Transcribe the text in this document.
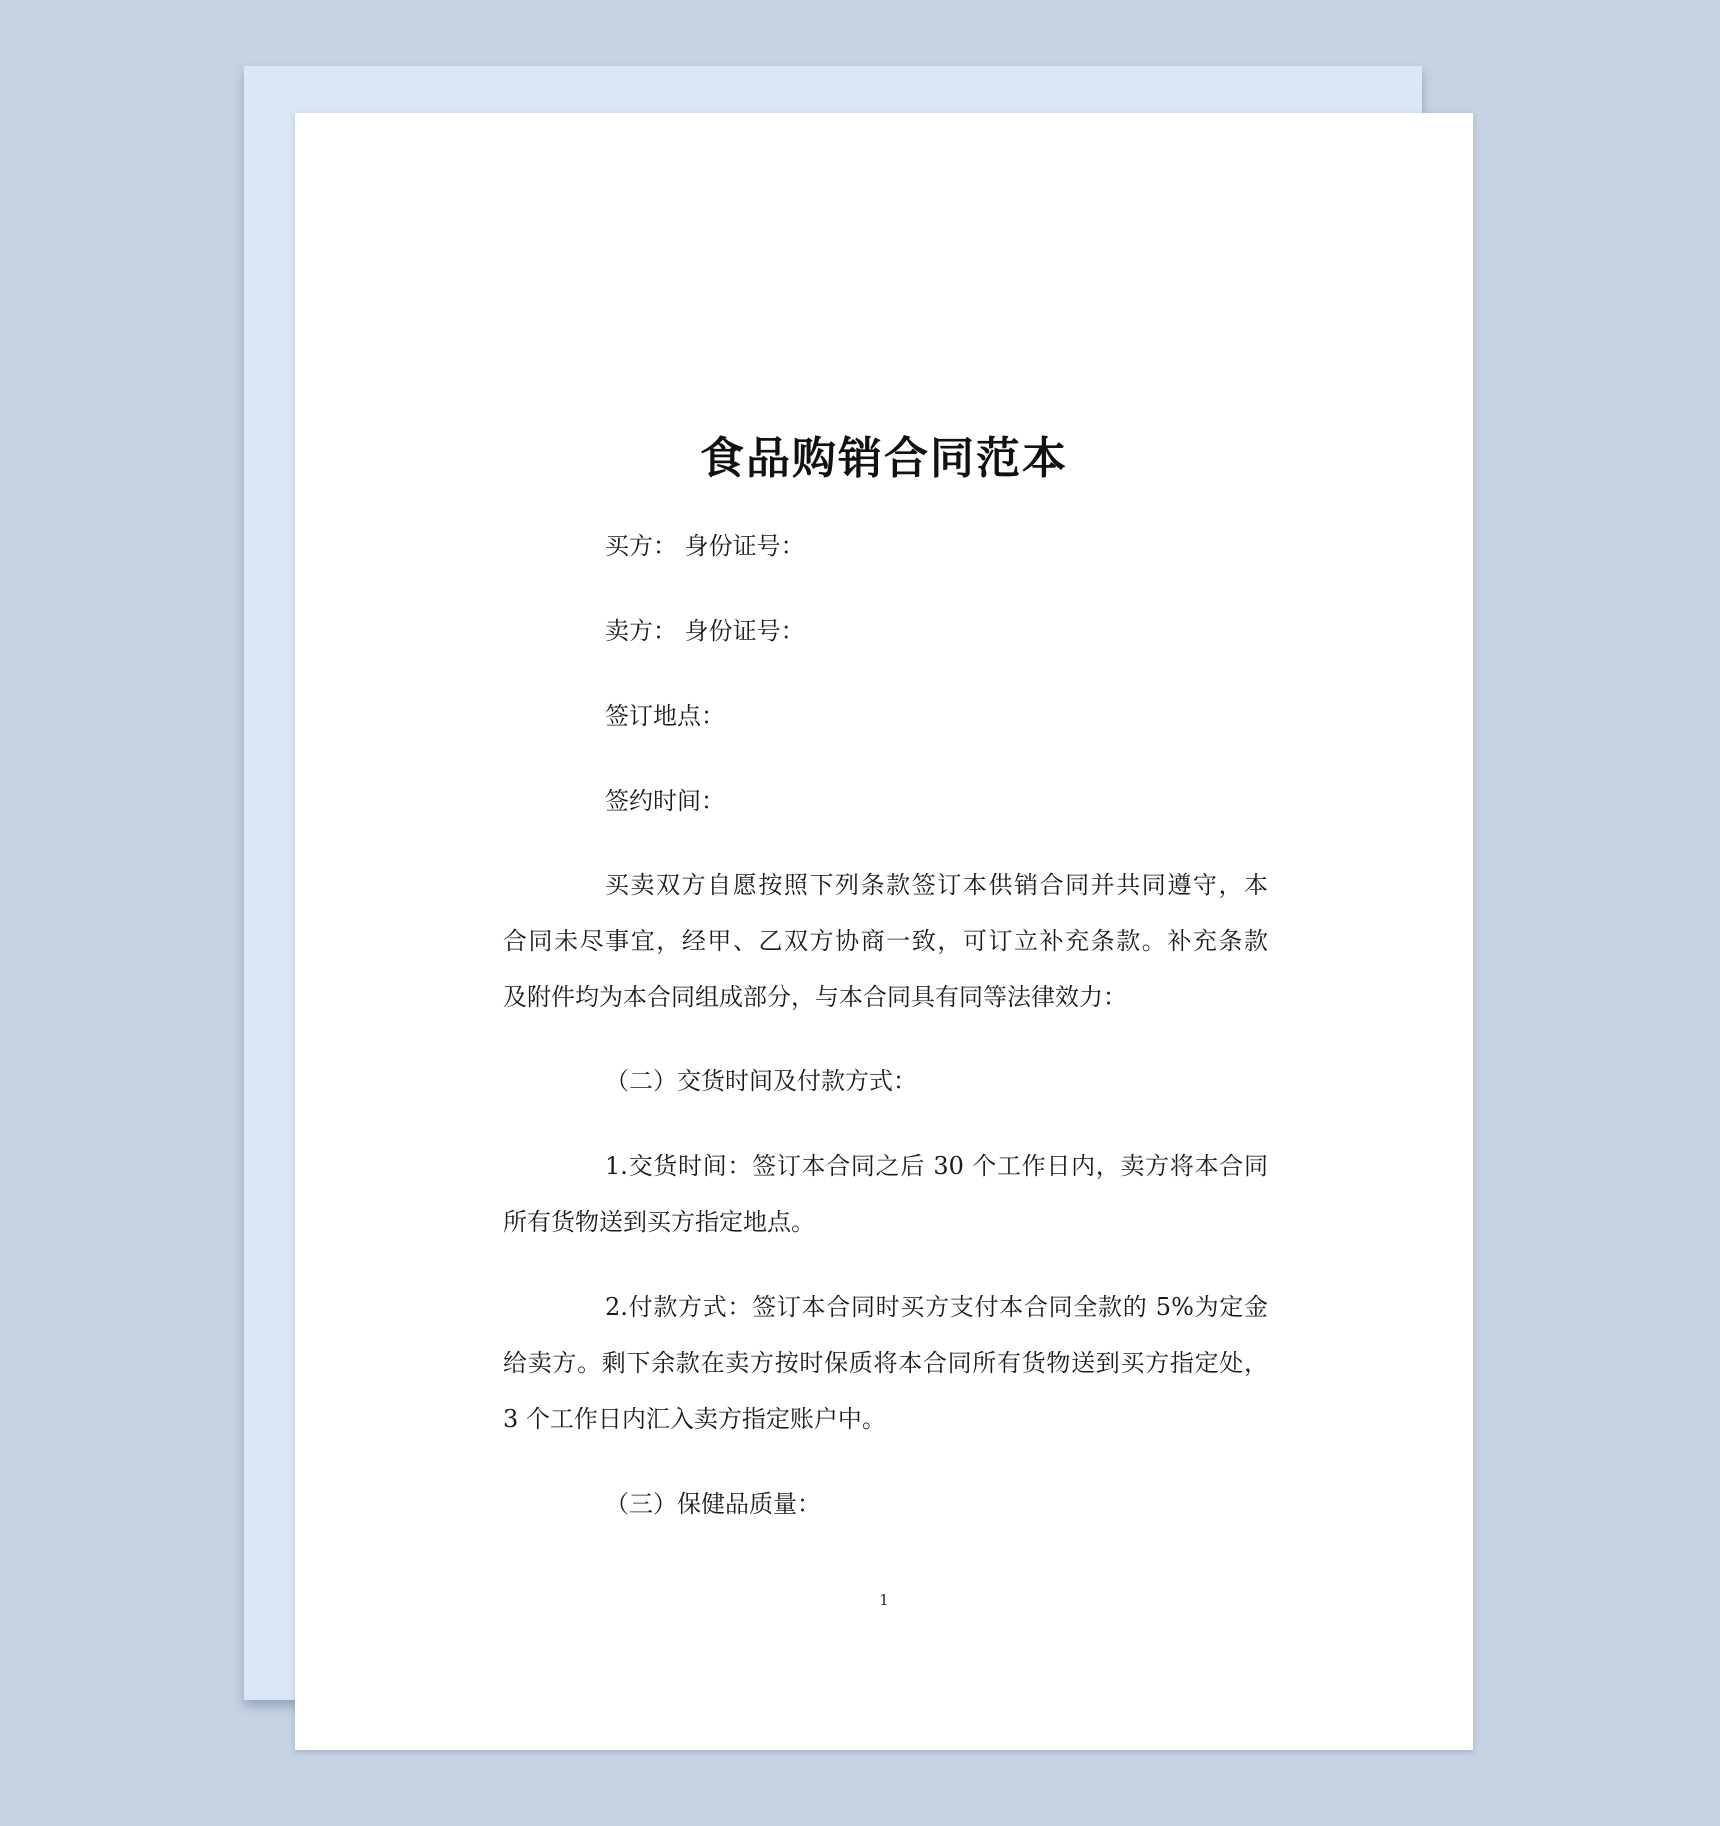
食品购销合同范本
买方： 身份证号：
卖方： 身份证号：
签订地点：
签约时间：
买卖双方自愿按照下列条款签订本供销合同并共同遵守，本
合同未尽事宜，经甲、乙双方协商一致，可订立补充条款。补充条款
及附件均为本合同组成部分，与本合同具有同等法律效力：
（二）交货时间及付款方式：
1.交货时间：签订本合同之后 30 个工作日内，卖方将本合同
所有货物送到买方指定地点。
2.付款方式：签订本合同时买方支付本合同全款的 5%为定金
给卖方。剩下余款在卖方按时保质将本合同所有货物送到买方指定处，
3 个工作日内汇入卖方指定账户中。
（三）保健品质量：
1
